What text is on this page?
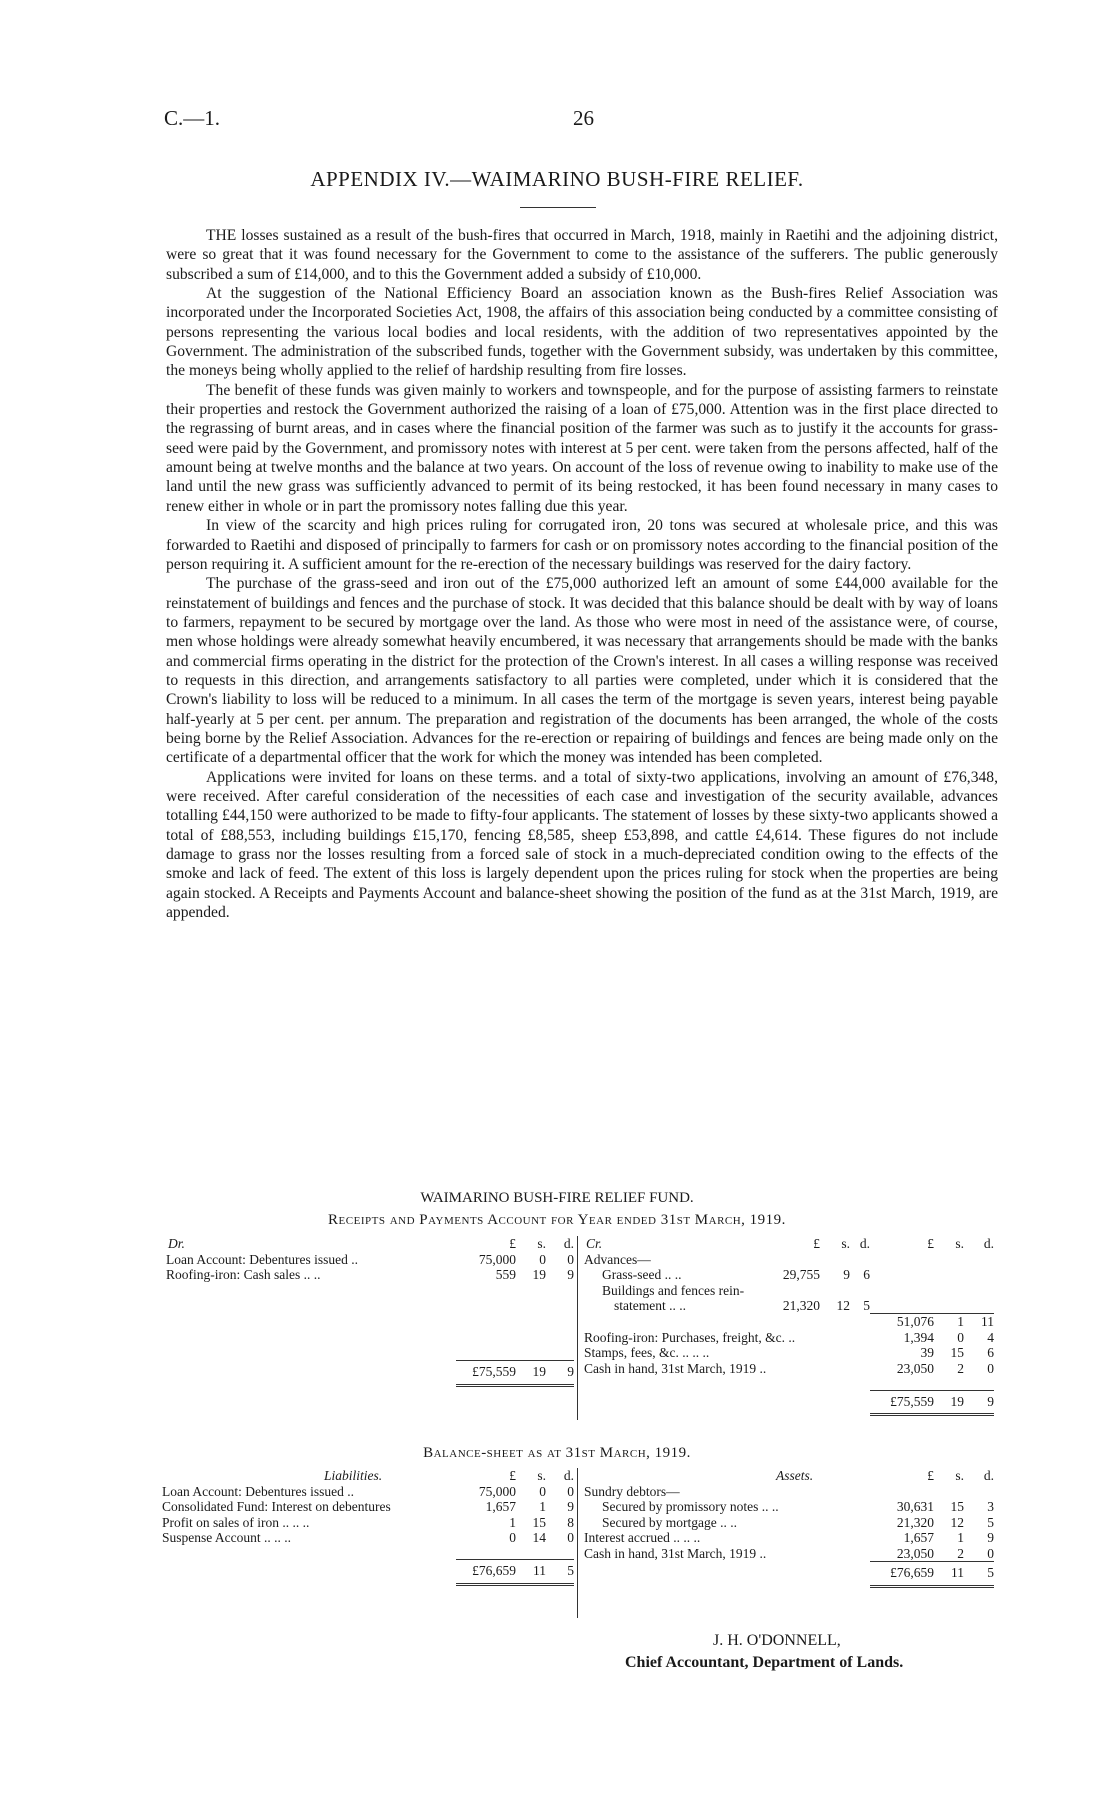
C.—1.	26
APPENDIX IV.—WAIMARINO BUSH-FIRE RELIEF.

THE losses sustained as a result of the bush-fires that occurred in March, 1918, mainly in Raetihi and the adjoining district, were so great that it was found necessary for the Government to come to the assistance of the sufferers. The public generously subscribed a sum of £14,000, and to this the Government added a subsidy of £10,000.

At the suggestion of the National Efficiency Board an association known as the Bush-fires Relief Association was incorporated under the Incorporated Societies Act, 1908, the affairs of this association being conducted by a committee consisting of persons representing the various local bodies and local residents, with the addition of two representatives appointed by the Government. The administration of the subscribed funds, together with the Government subsidy, was undertaken by this committee, the moneys being wholly applied to the relief of hardship resulting from fire losses.

The benefit of these funds was given mainly to workers and townspeople, and for the purpose of assisting farmers to reinstate their properties and restock the Government authorized the raising of a loan of £75,000. Attention was in the first place directed to the regrassing of burnt areas, and in cases where the financial position of the farmer was such as to justify it the accounts for grass-seed were paid by the Government, and promissory notes with interest at 5 per cent. were taken from the persons affected, half of the amount being at twelve months and the balance at two years. On account of the loss of revenue owing to inability to make use of the land until the new grass was sufficiently advanced to permit of its being restocked, it has been found necessary in many cases to renew either in whole or in part the promissory notes falling due this year.

In view of the scarcity and high prices ruling for corrugated iron, 20 tons was secured at wholesale price, and this was forwarded to Raetihi and disposed of principally to farmers for cash or on promissory notes according to the financial position of the person requiring it. A sufficient amount for the re-erection of the necessary buildings was reserved for the dairy factory.

The purchase of the grass-seed and iron out of the £75,000 authorized left an amount of some £44,000 available for the reinstatement of buildings and fences and the purchase of stock. It was decided that this balance should be dealt with by way of loans to farmers, repayment to be secured by mortgage over the land. As those who were most in need of the assistance were, of course, men whose holdings were already somewhat heavily encumbered, it was necessary that arrangements should be made with the banks and commercial firms operating in the district for the protection of the Crown's interest. In all cases a willing response was received to requests in this direction, and arrangements satisfactory to all parties were completed, under which it is considered that the Crown's liability to loss will be reduced to a minimum. In all cases the term of the mortgage is seven years, interest being payable half-yearly at 5 per cent. per annum. The preparation and registration of the documents has been arranged, the whole of the costs being borne by the Relief Association. Advances for the re-erection or repairing of buildings and fences are being made only on the certificate of a departmental officer that the work for which the money was intended has been completed.

Applications were invited for loans on these terms. and a total of sixty-two applications, involving an amount of £76,348, were received. After careful consideration of the necessities of each case and investigation of the security available, advances totalling £44,150 were authorized to be made to fifty-four applicants. The statement of losses by these sixty-two applicants showed a total of £88,553, including buildings £15,170, fencing £8,585, sheep £53,898, and cattle £4,614. These figures do not include damage to grass nor the losses resulting from a forced sale of stock in a much-depreciated condition owing to the effects of the smoke and lack of feed. The extent of this loss is largely dependent upon the prices ruling for stock when the properties are being again stocked. A Receipts and Payments Account and balance-sheet showing the position of the fund as at the 31st March, 1919, are appended.

WAIMARINO BUSH-FIRE RELIEF FUND.
Receipts and Payments Account for Year ended 31st March, 1919.
Dr.	£	s.	d.
Loan Account: Debentures issued ..	75,000	0	0
Roofing-iron: Cash sales .. ..	559	19	9

	£75,559	19	9

Cr.	£	s.	d.	£	s.	d.
Advances—						
Grass-seed .. ..	29,755	9	6			
Buildings and fences rein-						
statement .. ..	21,320	12	5			
				51,076	1	11
Roofing-iron: Purchases, freight, &c. ..				1,394	0	4
Stamps, fees, &c. .. .. ..				39	15	6
Cash in hand, 31st March, 1919 ..				23,050	2	0

				£75,559	19	9

Balance-sheet as at 31st March, 1919.
Liabilities.	£	s.	d.
Loan Account: Debentures issued ..	75,000	0	0
Consolidated Fund: Interest on debentures	1,657	1	9
Profit on sales of iron .. .. ..	1	15	8
Suspense Account .. .. ..	0	14	0

	£76,659	11	5

Assets.	£	s.	d.
Sundry debtors—			
Secured by promissory notes .. ..	30,631	15	3
Secured by mortgage .. ..	21,320	12	5
Interest accrued .. .. ..	1,657	1	9
Cash in hand, 31st March, 1919 ..	23,050	2	0

	£76,659	11	5

J. H. O'DONNELL,
Chief Accountant, Department of Lands.
